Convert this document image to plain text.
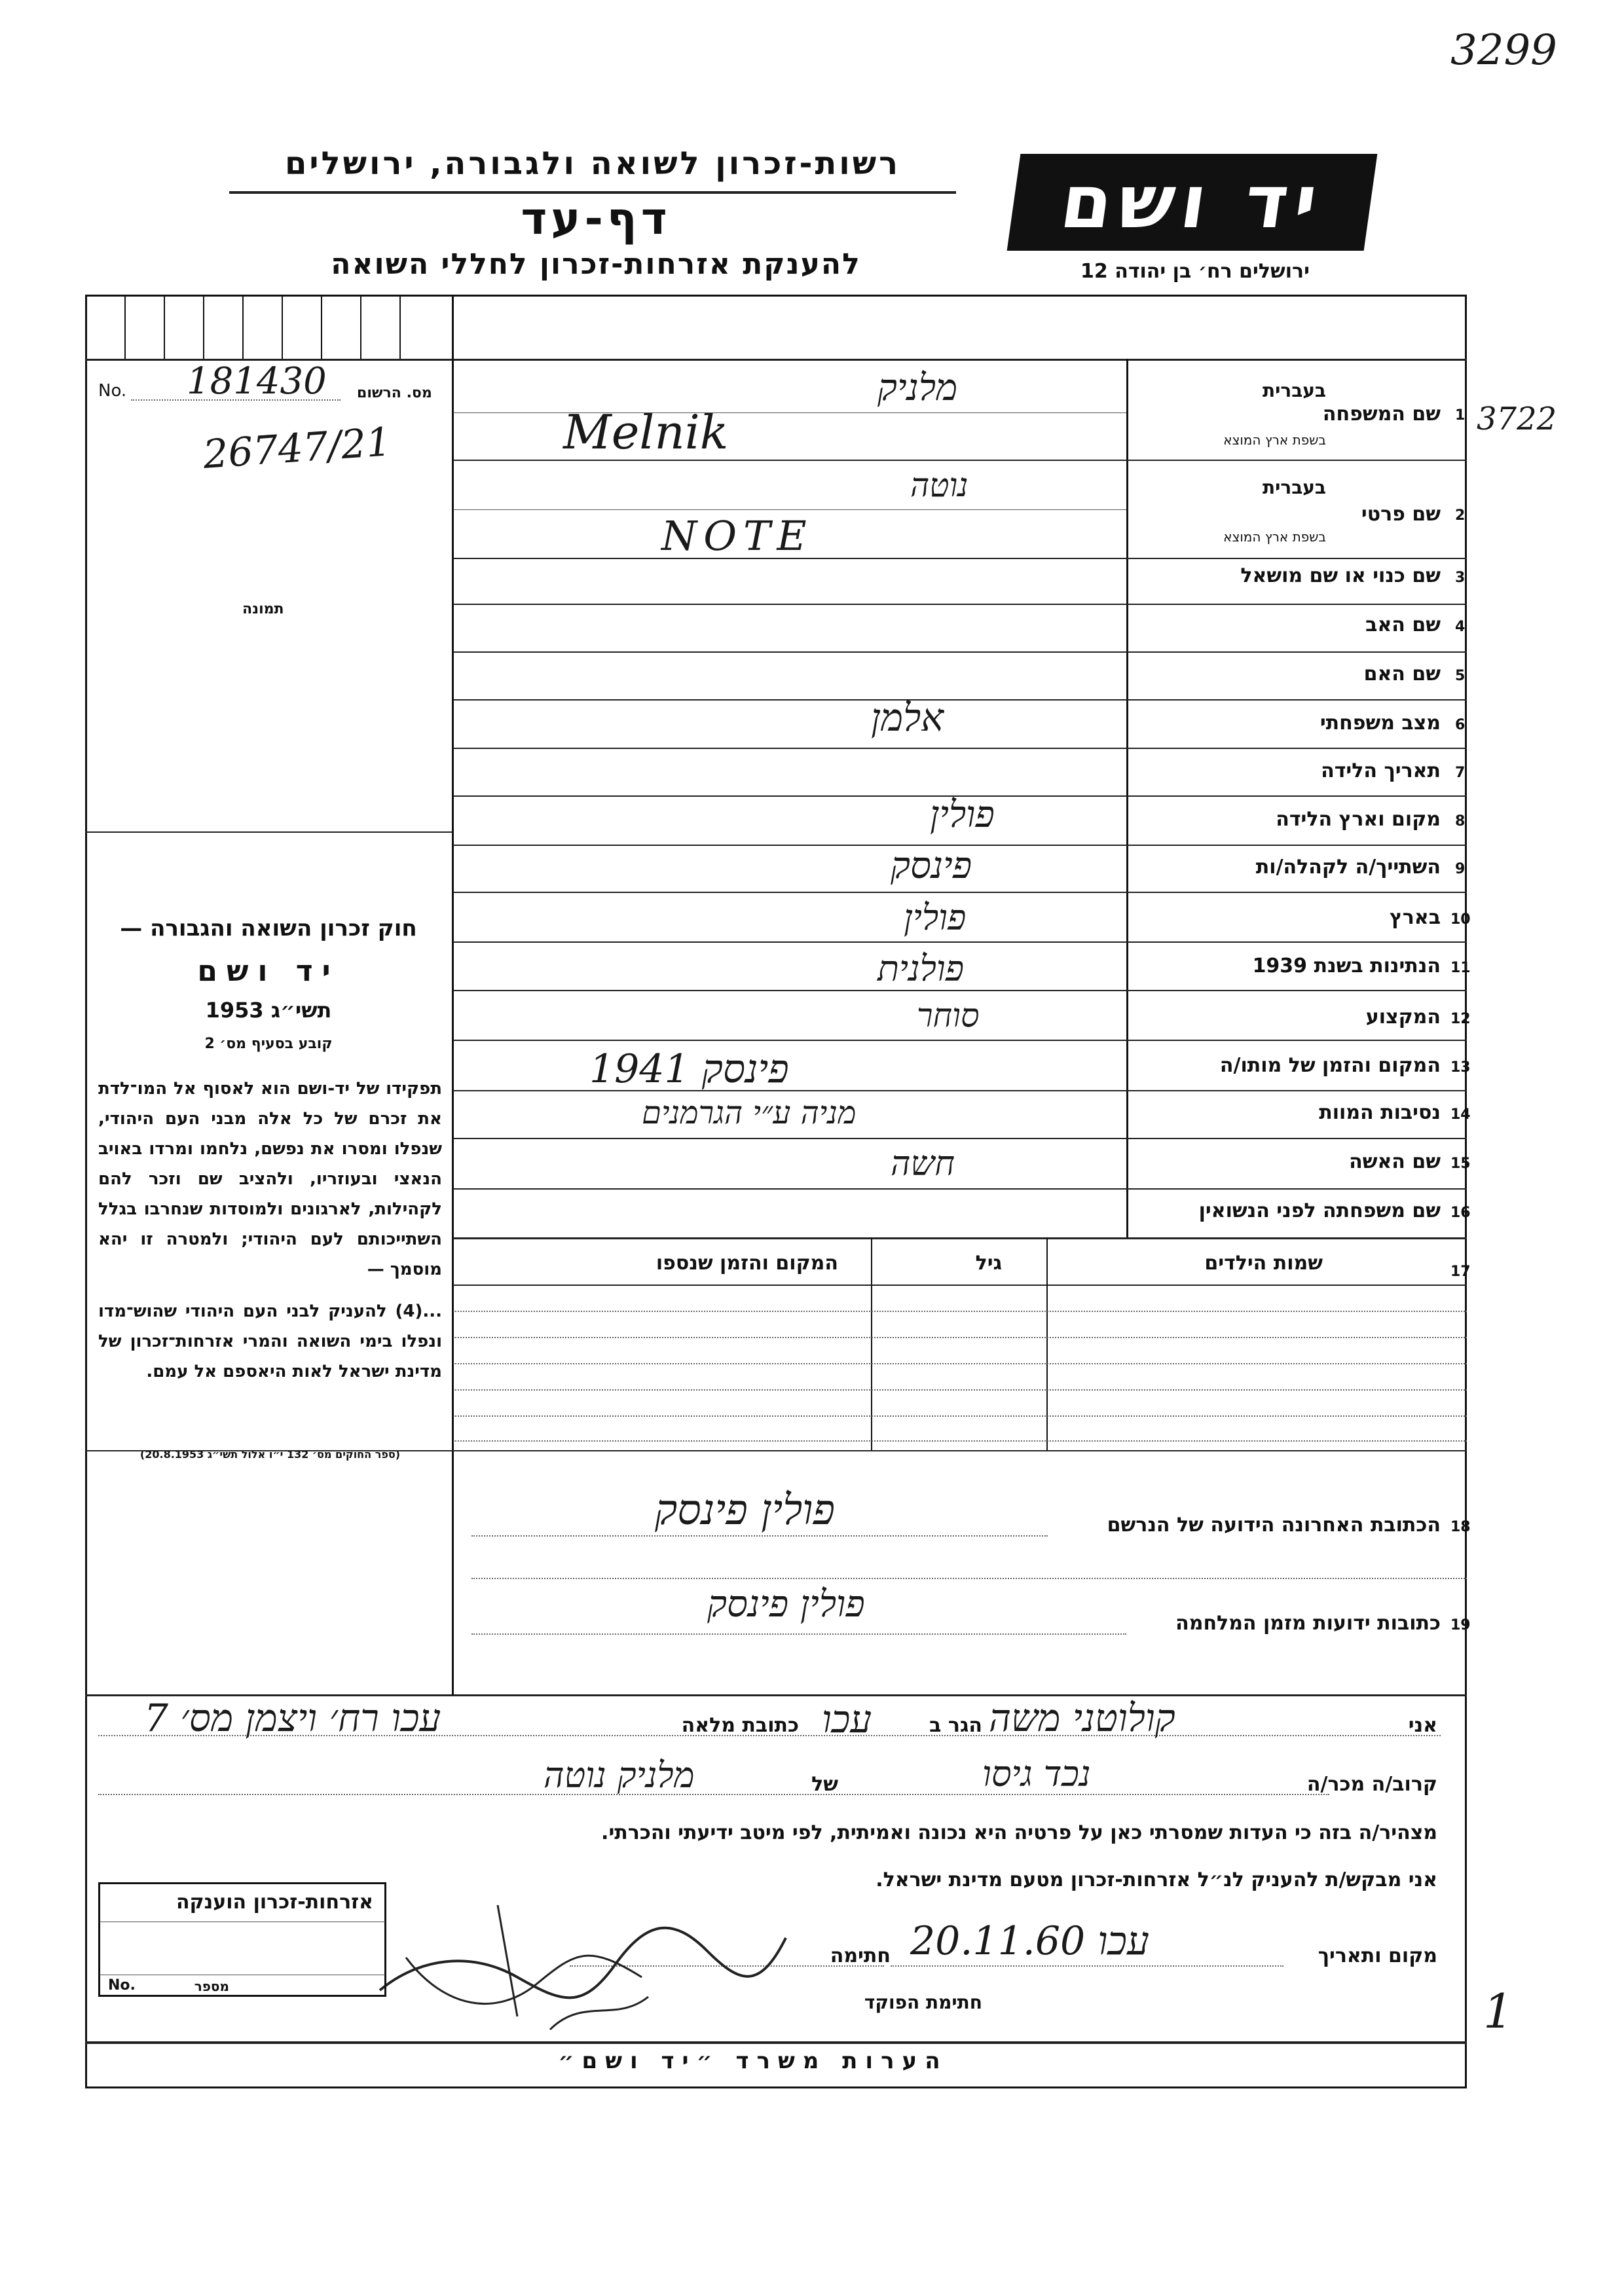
3299
3722
רשות-זכרון לשואה ולגבורה, ירושלים
דף-עד
להענקת אזרחות-זכרון לחללי השואה
יד ושם
ירושלים רח׳ בן יהודה 12
No.	מס. הרשום
181430
26747/21
תמונה
חוק זכרון השואה והגבורה —
יד ושם
תשי״ג 1953
קובע בסעיף מס׳ 2
תפקידו של יד-ושם הוא לאסוף אל המו־לדת את זכרם של כל אלה מבני העם היהודי, שנפלו ומסרו את נפשם, נלחמו ומרדו באויב הנאצי ובעוזריו, ולהציב שם וזכר להם לקהילות, לארגונים ולמוסדות שנחרבו בגלל השתייכותם לעם היהודי; ולמטרה זו יהא מוסמך —
...(4) להעניק לבני העם היהודי שהוש־מדו ונפלו בימי השואה והמרי אזרחות־זכרון של מדינת ישראל לאות היאספם אל עמם.
(ספר החוקים מס׳ 132 י״ו אלול תשי״ג 20.8.1953)
1
שם המשפחה
בעברית
בשפת ארץ המוצא
מלניק
Melnik
2
שם פרטי
בעברית
בשפת ארץ המוצא
נוטה
NOTE
3
שם כנוי או שם מושאל
4
שם האב
5
שם האם
6
מצב משפחתי
אלמן
7
תאריך הלידה
8
מקום וארץ הלידה
פולין
9
השתייך/ה לקהלה/ות
פינסק
10
בארץ
פולין
11
הנתינות בשנת 1939
פולנית
12
המקצוע
סוחר
13
המקום והזמן של מותו/ה
פינסק 1941
14
נסיבות המוות
מניה ע״י הגרמנים
15
שם האשה
חשה
16
שם משפחתה לפני הנשואין
17
שמות הילדים
גיל
המקום והזמן שנספו
18
הכתובת האחרונה הידועה של הנרשם
פולין פינסק
19
כתובות ידועות מזמן המלחמה
פולין פינסק
אני
קולוטני משה
הגר ב
עכו
כתובת מלאה
עכו רח׳ ויצמן מס׳ 7
קרוב/ה מכר/ה
נכד גיסו
של
מלניק נוטה
מצהיר/ה בזה כי העדות שמסרתי כאן על פרטיה היא נכונה ואמיתית, לפי מיטב ידיעתי והכרתי.
אני מבקש/ת להעניק לנ״ל אזרחות-זכרון מטעם מדינת ישראל.
מקום ותאריך
עכו 20.11.60
חתימה
חתימת הפוקד
אזרחות-זכרון הוענקה
No.	מספר
הערות משרד ״יד ושם״
1
